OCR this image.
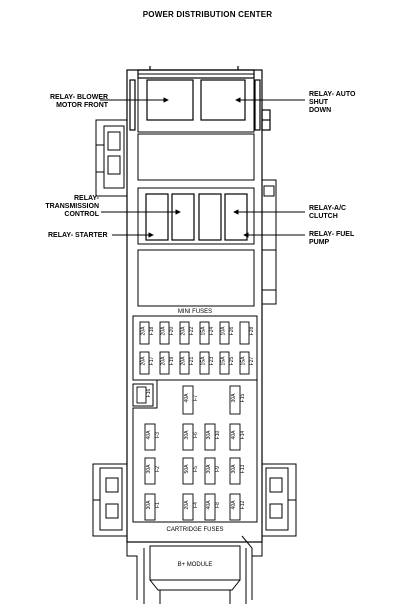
POWER DISTRIBUTION CENTER
RELAY- BLOWER
MOTOR FRONT
RELAY- AUTO
SHUT
DOWN
RELAY-
TRANSMISSION
CONTROL
RELAY-A/C
CLUTCH
RELAY- STARTER	RELAY- FUEL
PUMP
MINI FUSES
20A F18 20A F20 20A F22 15A F24 10A F26	F28
20A F17 20A F19 20A F21 15A F23 15A F25 15A F27
F16
40A F7	30A F15
40A F3	30A F6 30A F10 40A F14
30A F2	50A F5 30A F9 30A F13
30A F1	20A F4 40A F8 40A F12
CARTRIDGE FUSES
B+ MODULE
